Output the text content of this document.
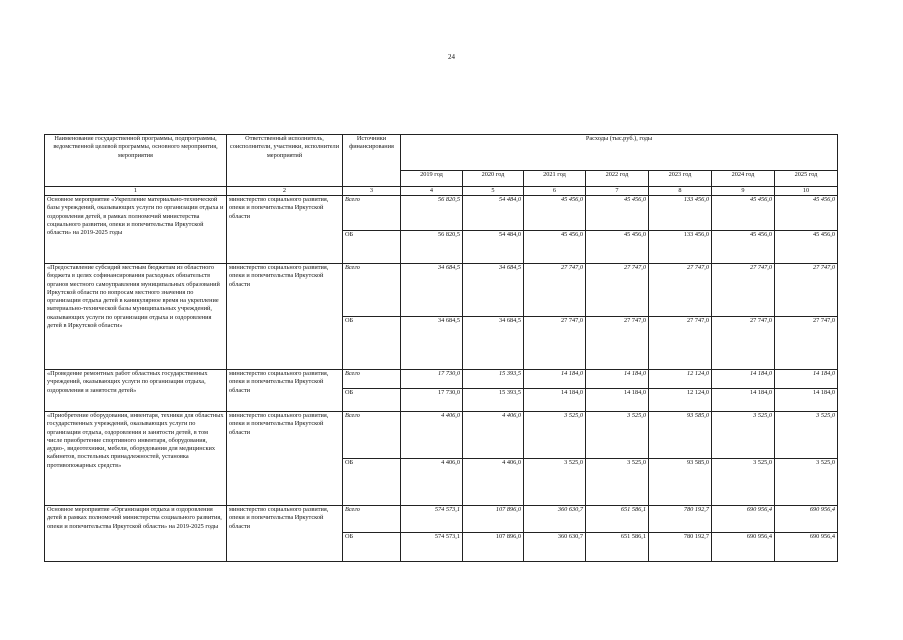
24
Наименование государственной программы, подпрограммы, ведомственной целевой программы, основного мероприятия, мероприятия	Ответственный исполнитель, соисполнители, участники, исполнители мероприятий	Источники финансирования	Расходы (тыс.руб.), годы						
			2019 год	2020 год	2021 год	2022 год	2023 год	2024 год	2025 год
1	2	3	4	5	6	7	8	9	10
Основное мероприятие «Укрепление материально-технической базы учреждений, оказывающих услуги по организации отдыха и оздоровления детей, в рамках полномочий министерства социального развития, опеки и попечительства Иркутской области» на 2019-2025 годы	министерство социального развития, опеки и попечительства Иркутской области	Всего	56 820,5	54 484,0	45 456,0	45 456,0	133 456,0	45 456,0	45 456,0
		ОБ	56 820,5	54 484,0	45 456,0	45 456,0	133 456,0	45 456,0	45 456,0
«Предоставление субсидий местным бюджетам из областного бюджета в целях софинансирования расходных обязательств органов местного самоуправления муниципальных образований Иркутской области по вопросам местного значения по организации отдыха детей в каникулярное время на укрепление материально-технической базы муниципальных учреждений, оказывающих услуги по организации отдыха и оздоровления детей в Иркутской области»	министерство социального развития, опеки и попечительства Иркутской области	Всего	34 684,5	34 684,5	27 747,0	27 747,0	27 747,0	27 747,0	27 747,0
		ОБ	34 684,5	34 684,5	27 747,0	27 747,0	27 747,0	27 747,0	27 747,0
«Проведение ремонтных работ областных государственных учреждений, оказывающих услуги по организации отдыха, оздоровления и занятости детей»	министерство социального развития, опеки и попечительства Иркутской области	Всего	17 730,0	15 393,5	14 184,0	14 184,0	12 124,0	14 184,0	14 184,0
		ОБ	17 730,0	15 393,5	14 184,0	14 184,0	12 124,0	14 184,0	14 184,0
«Приобретение оборудования, инвентаря, техники для областных государственных учреждений, оказывающих услуги по организации отдыха, оздоровления и занятости детей, в том числе приобретение спортивного инвентаря, оборудования, аудио-, видеотехники, мебели, оборудования для медицинских кабинетов, постельных принадлежностей, установка противопожарных средств»	министерство социального развития, опеки и попечительства Иркутской области	Всего	4 406,0	4 406,0	3 525,0	3 525,0	93 585,0	3 525,0	3 525,0
		ОБ	4 406,0	4 406,0	3 525,0	3 525,0	93 585,0	3 525,0	3 525,0
Основное мероприятие «Организация отдыха и оздоровления детей в рамках полномочий министерства социального развития, опеки и попечительства Иркутской области» на 2019-2025 годы	министерство социального развития, опеки и попечительства Иркутской области	Всего	574 573,1	107 896,0	360 630,7	651 586,1	780 192,7	690 956,4	690 956,4
		ОБ	574 573,1	107 896,0	360 630,7	651 586,1	780 192,7	690 956,4	690 956,4
